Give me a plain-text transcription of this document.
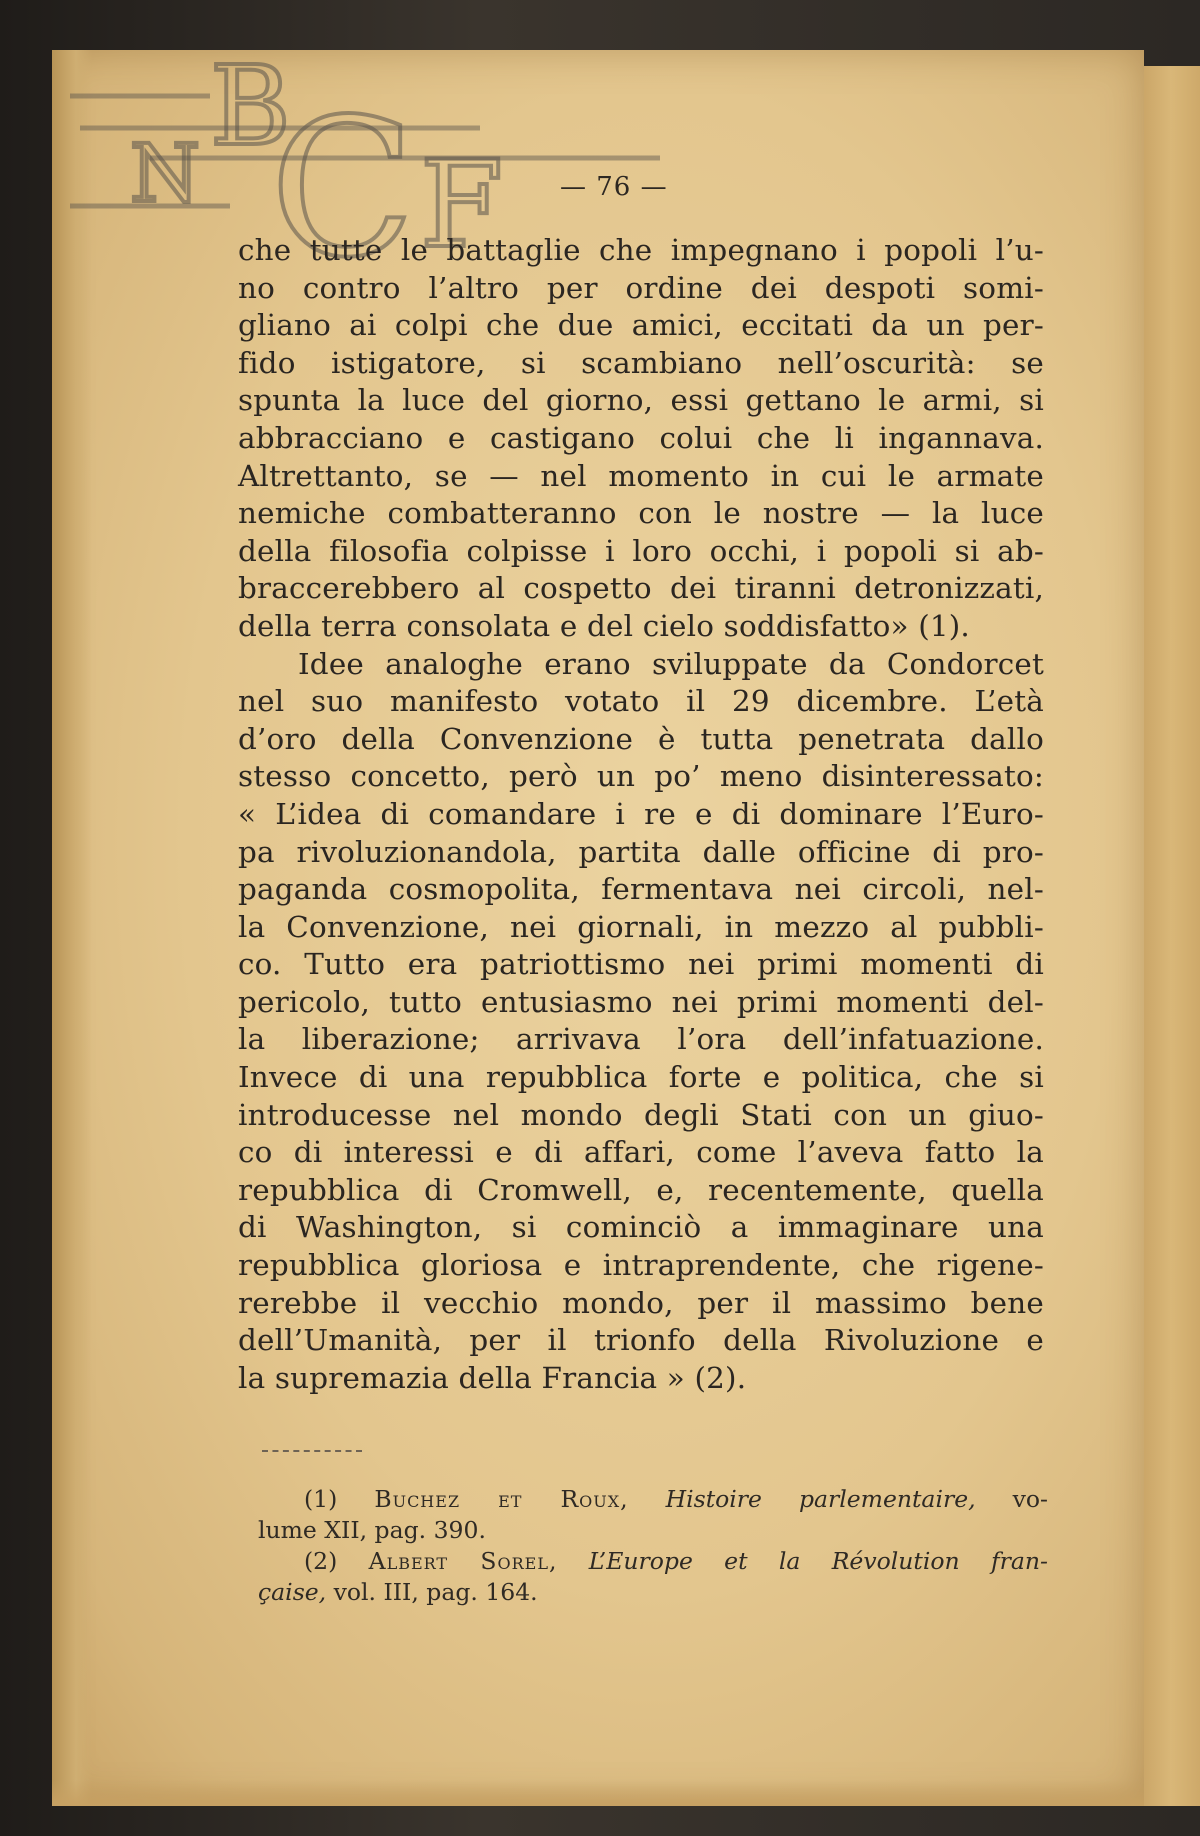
B
N C F — 76 —
che tutte le battaglie che impegnano i popoli l’u-
no contro l’altro per ordine dei despoti somi-
gliano ai colpi che due amici, eccitati da un per-
fido istigatore, si scambiano nell’oscurità: se
spunta la luce del giorno, essi gettano le armi, si
abbracciano e castigano colui che li ingannava.
Altrettanto, se — nel momento in cui le armate
nemiche combatteranno con le nostre — la luce
della filosofia colpisse i loro occhi, i popoli si ab-
braccerebbero al cospetto dei tiranni detronizzati,
della terra consolata e del cielo soddisfatto» (1).
Idee analoghe erano sviluppate da Condorcet
nel suo manifesto votato il 29 dicembre. L’età
d’oro della Convenzione è tutta penetrata dallo
stesso concetto, però un po’ meno disinteressato:
« L’idea di comandare i re e di dominare l’Euro-
pa rivoluzionandola, partita dalle officine di pro-
paganda cosmopolita, fermentava nei circoli, nel-
la Convenzione, nei giornali, in mezzo al pubbli-
co. Tutto era patriottismo nei primi momenti di
pericolo, tutto entusiasmo nei primi momenti del-
la liberazione; arrivava l’ora dell’infatuazione.
Invece di una repubblica forte e politica, che si
introducesse nel mondo degli Stati con un giuo-
co di interessi e di affari, come l’aveva fatto la
repubblica di Cromwell, e, recentemente, quella
di Washington, si cominciò a immaginare una
repubblica gloriosa e intraprendente, che rigene-
rerebbe il vecchio mondo, per il massimo bene
dell’Umanità, per il trionfo della Rivoluzione e
la supremazia della Francia » (2).
(1) Buchez et Roux, Histoire parlementaire, vo-
lume XII, pag. 390.
(2) Albert Sorel, L’Europe et la Révolution fran-
çaise, vol. III, pag. 164.
